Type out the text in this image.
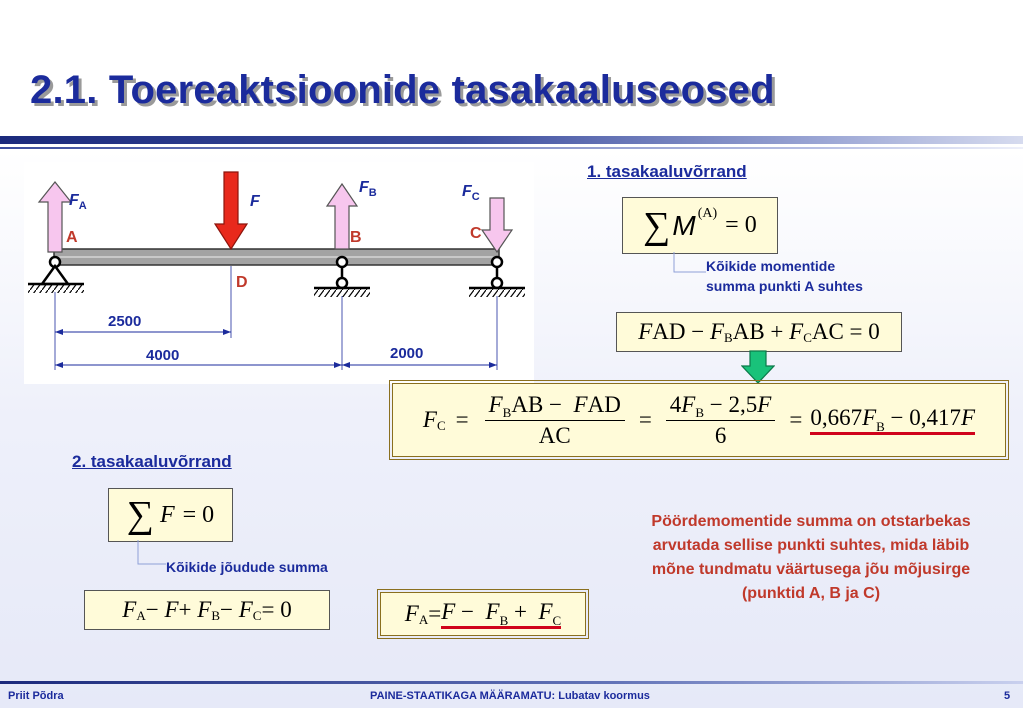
2.1. Toereaktsioonide tasakaaluseosed
$F_A$	F
$F_B$	$F_C$
A	B	C
D
2500
4000	2000
1. tasakaaluvõrrand
∑ M (A) = 0
Kõikide momentide
summa punkti A suhtes
F AD −
F B AB +
F C AC = 0
F $C = \frac{F_BAB - FAD}{AC} = \frac{4F_B - 2,5F}{6} = 0,667F_B - 0,417F$
2. tasakaaluvõrrand
∑ F = 0
Kõikide jõudude summa
F A −
F +
F B −
F C = 0	F $A = F - F_B + F_C$
Pöördemomentide summa on otstarbekas arvutada sellise punkti suhtes, mida läbib mõne tundmatu väärtusega jõu mõjusirge (punktid A, B ja C)
Priit Põdra	PAINE-STAATIKAGA MÄÄRAMATU: Lubatav koormus	5
